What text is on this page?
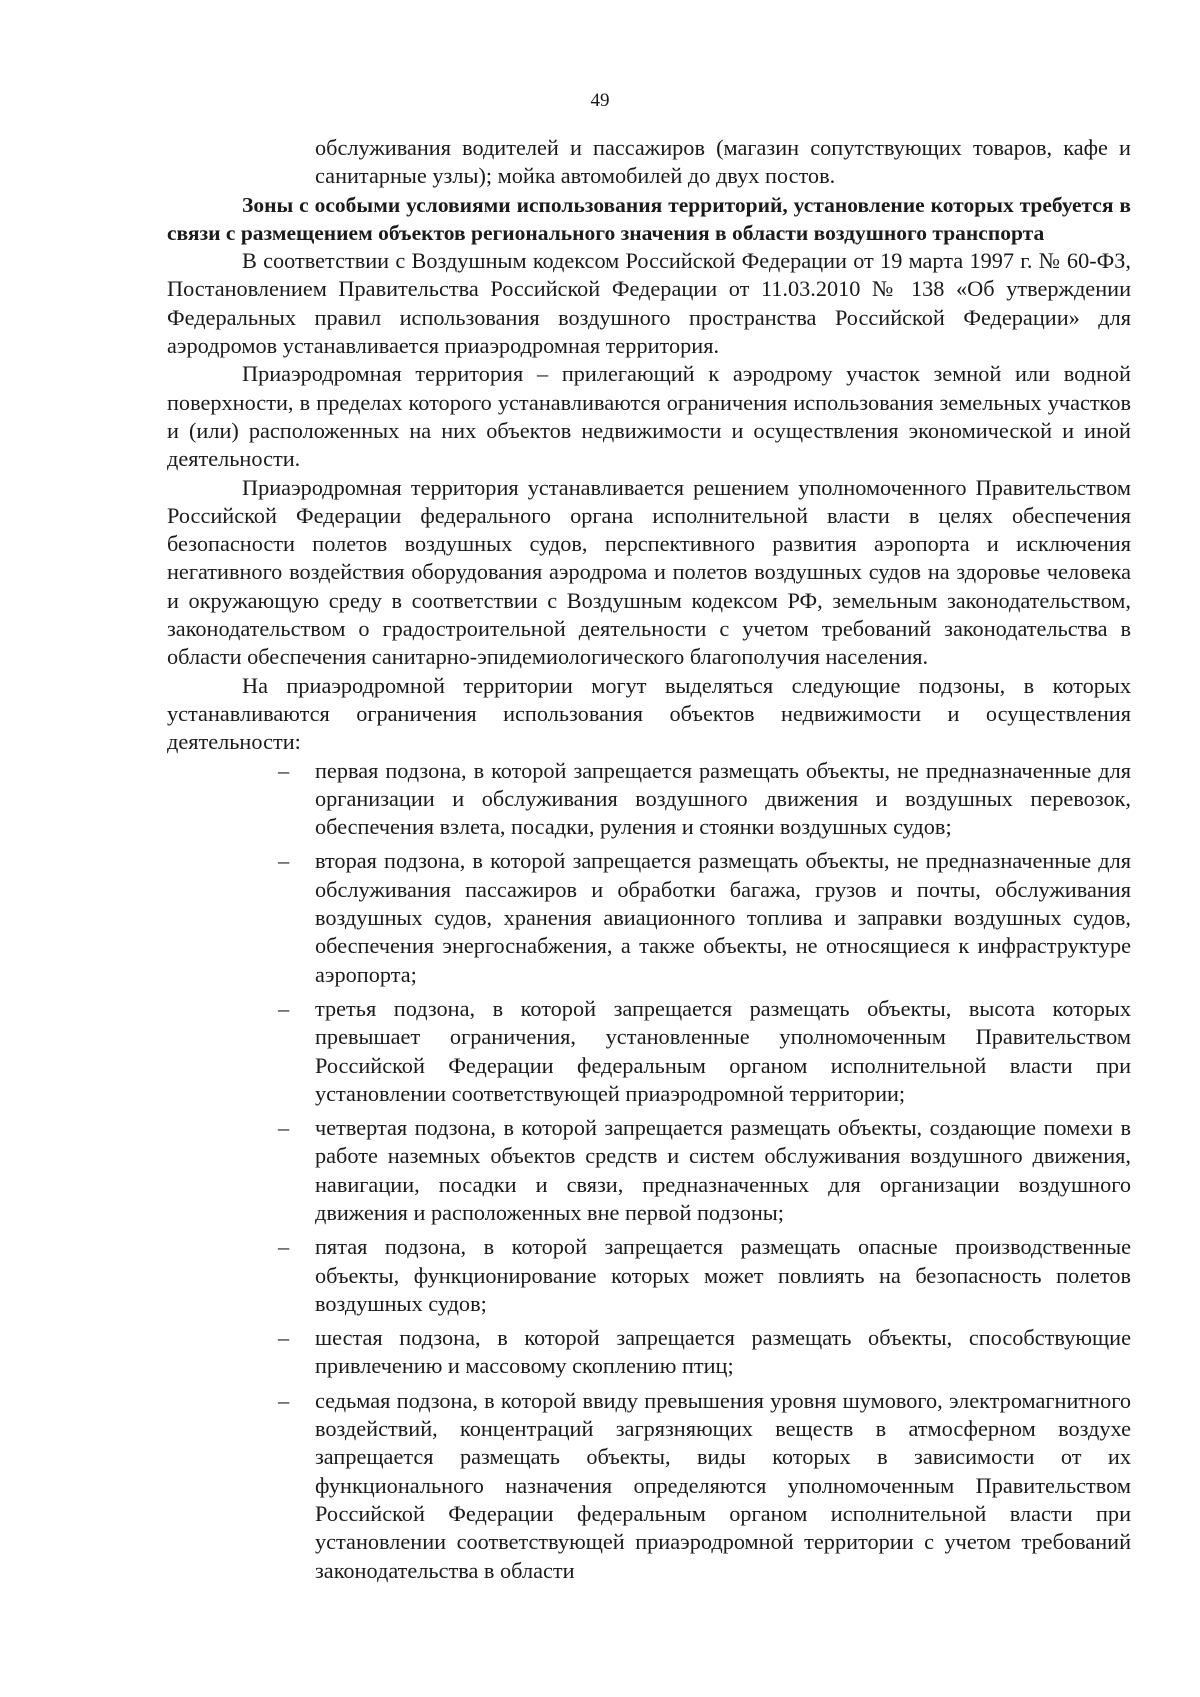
49

обслуживания водителей и пассажиров (магазин сопутствующих товаров, кафе и санитарные узлы); мойка автомобилей до двух постов.

Зоны с особыми условиями использования территорий, установление которых требуется в связи с размещением объектов регионального значения в области воздушного транспорта

В соответствии с Воздушным кодексом Российской Федерации от 19 марта 1997 г. № 60-ФЗ, Постановлением Правительства Российской Федерации от 11.03.2010 № 138 «Об утверждении Федеральных правил использования воздушного пространства Российской Федерации» для аэродромов устанавливается приаэродромная территория.

Приаэродромная территория – прилегающий к аэродрому участок земной или водной поверхности, в пределах которого устанавливаются ограничения использования земельных участков и (или) расположенных на них объектов недвижимости и осуществления экономической и иной деятельности.

Приаэродромная территория устанавливается решением уполномоченного Правительством Российской Федерации федерального органа исполнительной власти в целях обеспечения безопасности полетов воздушных судов, перспективного развития аэропорта и исключения негативного воздействия оборудования аэродрома и полетов воздушных судов на здоровье человека и окружающую среду в соответствии с Воздушным кодексом РФ, земельным законодательством, законодательством о градостроительной деятельности с учетом требований законодательства в области обеспечения санитарно-эпидемиологического благополучия населения.

На приаэродромной территории могут выделяться следующие подзоны, в которых устанавливаются ограничения использования объектов недвижимости и осуществления деятельности:

– первая подзона, в которой запрещается размещать объекты, не предназначенные для организации и обслуживания воздушного движения и воздушных перевозок, обеспечения взлета, посадки, руления и стоянки воздушных судов;
– вторая подзона, в которой запрещается размещать объекты, не предназначенные для обслуживания пассажиров и обработки багажа, грузов и почты, обслуживания воздушных судов, хранения авиационного топлива и заправки воздушных судов, обеспечения энергоснабжения, а также объекты, не относящиеся к инфраструктуре аэропорта;
– третья подзона, в которой запрещается размещать объекты, высота которых превышает ограничения, установленные уполномоченным Правительством Российской Федерации федеральным органом исполнительной власти при установлении соответствующей приаэродромной территории;
– четвертая подзона, в которой запрещается размещать объекты, создающие помехи в работе наземных объектов средств и систем обслуживания воздушного движения, навигации, посадки и связи, предназначенных для организации воздушного движения и расположенных вне первой подзоны;
– пятая подзона, в которой запрещается размещать опасные производственные объекты, функционирование которых может повлиять на безопасность полетов воздушных судов;
– шестая подзона, в которой запрещается размещать объекты, способствующие привлечению и массовому скоплению птиц;
– седьмая подзона, в которой ввиду превышения уровня шумового, электромагнитного воздействий, концентраций загрязняющих веществ в атмосферном воздухе запрещается размещать объекты, виды которых в зависимости от их функционального назначения определяются уполномоченным Правительством Российской Федерации федеральным органом исполнительной власти при установлении соответствующей приаэродромной территории с учетом требований законодательства в области
